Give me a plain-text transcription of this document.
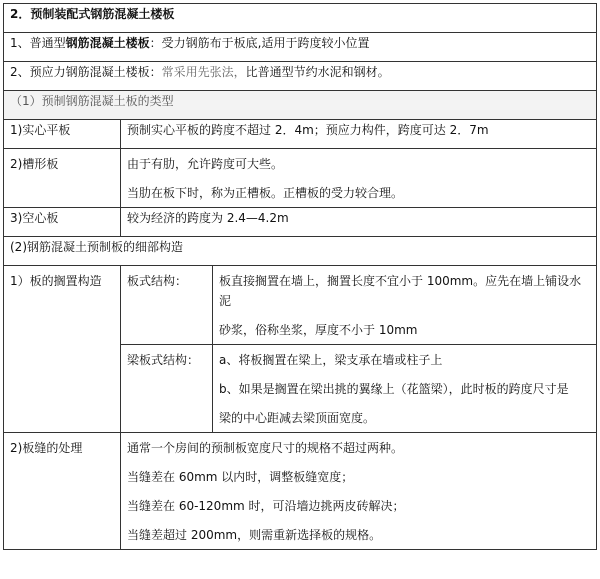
2．预制装配式钢筋混凝土楼板		
1、普通型钢筋混凝土楼板：受力钢筋布于板底,适用于跨度较小位置		
2、预应力钢筋混凝土楼板：常采用先张法，比普通型节约水泥和钢材。		
（1）预制钢筋混凝土板的类型		
1)实心平板	预制实心平板的跨度不超过 2．4m；预应力构件，跨度可达 2．7m	

2)槽形板	由于有肋，允许跨度可大些。
当肋在板下时，称为正槽板。正槽板的受力较合理。	

3)空心板	较为经济的跨度为 2.4—4.2m	
(2)钢筋混凝土预制板的细部构造		

1）板的搁置构造	板式结构：	板直接搁置在墙上，搁置长度不宜小于 100mm。应先在墙上铺设水泥
砂浆，俗称坐浆，厚度不小于 10mm

	梁板式结构：	a、将板搁置在梁上，梁支承在墙或柱子上
b、如果是搁置在梁出挑的翼缘上（花篮梁），此时板的跨度尺寸是
梁的中心距减去梁顶面宽度。

2)板缝的处理	通常一个房间的预制板宽度尺寸的规格不超过两种。
当缝差在 60mm 以内时，调整板缝宽度；
当缝差在 60-120mm 时，可沿墙边挑两皮砖解决；
当缝差超过 200mm，则需重新选择板的规格。	
